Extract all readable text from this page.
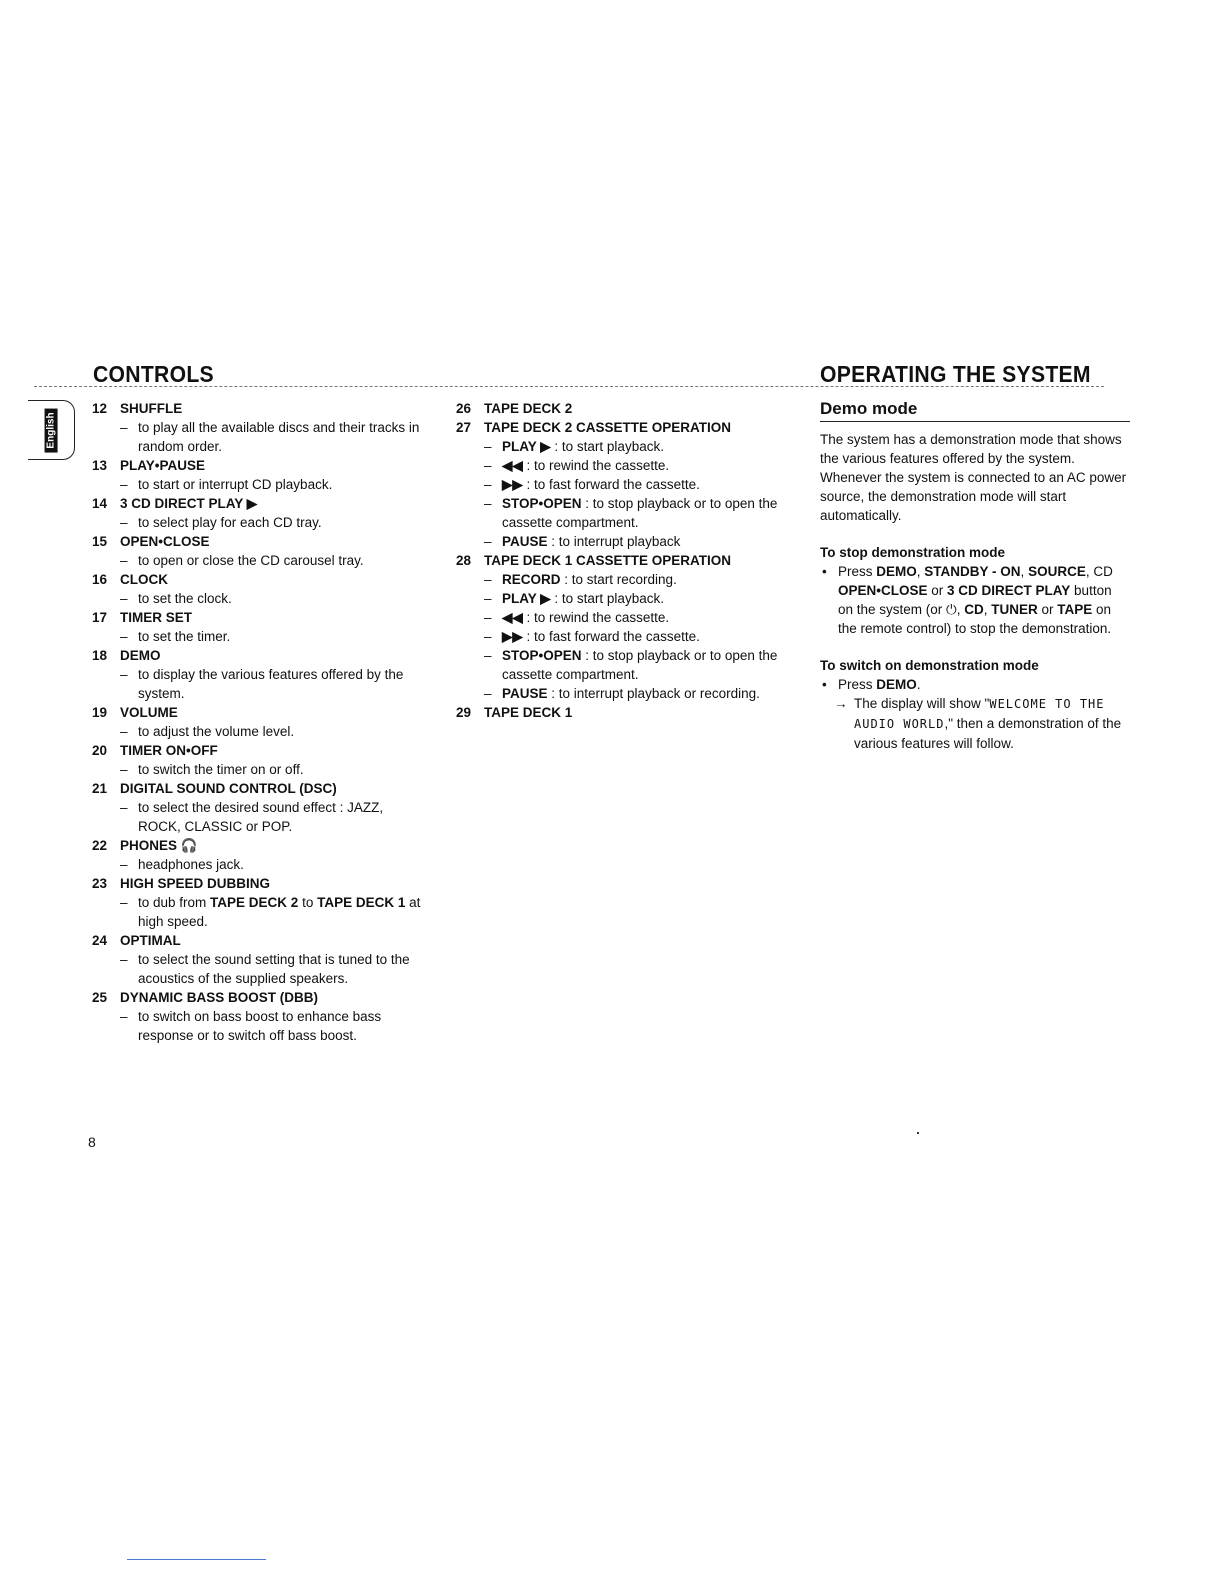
English
CONTROLS	OPERATING THE SYSTEM
12 SHUFFLE
– to play all the available discs and their tracks in random order.
13 PLAY•PAUSE
– to start or interrupt CD playback.
14 3 CD DIRECT PLAY ▶
– to select play for each CD tray.
15 OPEN•CLOSE
– to open or close the CD carousel tray.
16 CLOCK
– to set the clock.
17 TIMER SET
– to set the timer.
18 DEMO
– to display the various features offered by the system.
19 VOLUME
– to adjust the volume level.
20 TIMER ON•OFF
– to switch the timer on or off.
21 DIGITAL SOUND CONTROL (DSC)
– to select the desired sound effect : JAZZ, ROCK, CLASSIC or POP.
22 PHONES 🎧
– headphones jack.
23 HIGH SPEED DUBBING
– to dub from TAPE DECK 2 to TAPE DECK 1 at high speed.
24 OPTIMAL
– to select the sound setting that is tuned to the acoustics of the supplied speakers.
25 DYNAMIC BASS BOOST (DBB)
– to switch on bass boost to enhance bass response or to switch off bass boost.
26 TAPE DECK 2
27 TAPE DECK 2 CASSETTE OPERATION
– PLAY ▶ : to start playback.
– ◀◀ : to rewind the cassette.
– ▶▶ : to fast forward the cassette.
– STOP•OPEN : to stop playback or to open the cassette compartment.
– PAUSE : to interrupt playback
28 TAPE DECK 1 CASSETTE OPERATION
– RECORD : to start recording.
– PLAY ▶ : to start playback.
– ◀◀ : to rewind the cassette.
– ▶▶ : to fast forward the cassette.
– STOP•OPEN : to stop playback or to open the cassette compartment.
– PAUSE : to interrupt playback or recording.
29 TAPE DECK 1
Demo mode
The system has a demonstration mode that shows the various features offered by the system. Whenever the system is connected to an AC power source, the demonstration mode will start automatically.
To stop demonstration mode
• Press DEMO, STANDBY - ON, SOURCE, CD OPEN•CLOSE or 3 CD DIRECT PLAY button on the system (or ⏻, CD, TUNER or TAPE on the remote control) to stop the demonstration.
To switch on demonstration mode
• Press DEMO.
→ The display will show "WELCOME TO THE AUDIO WORLD," then a demonstration of the various features will follow.
8
